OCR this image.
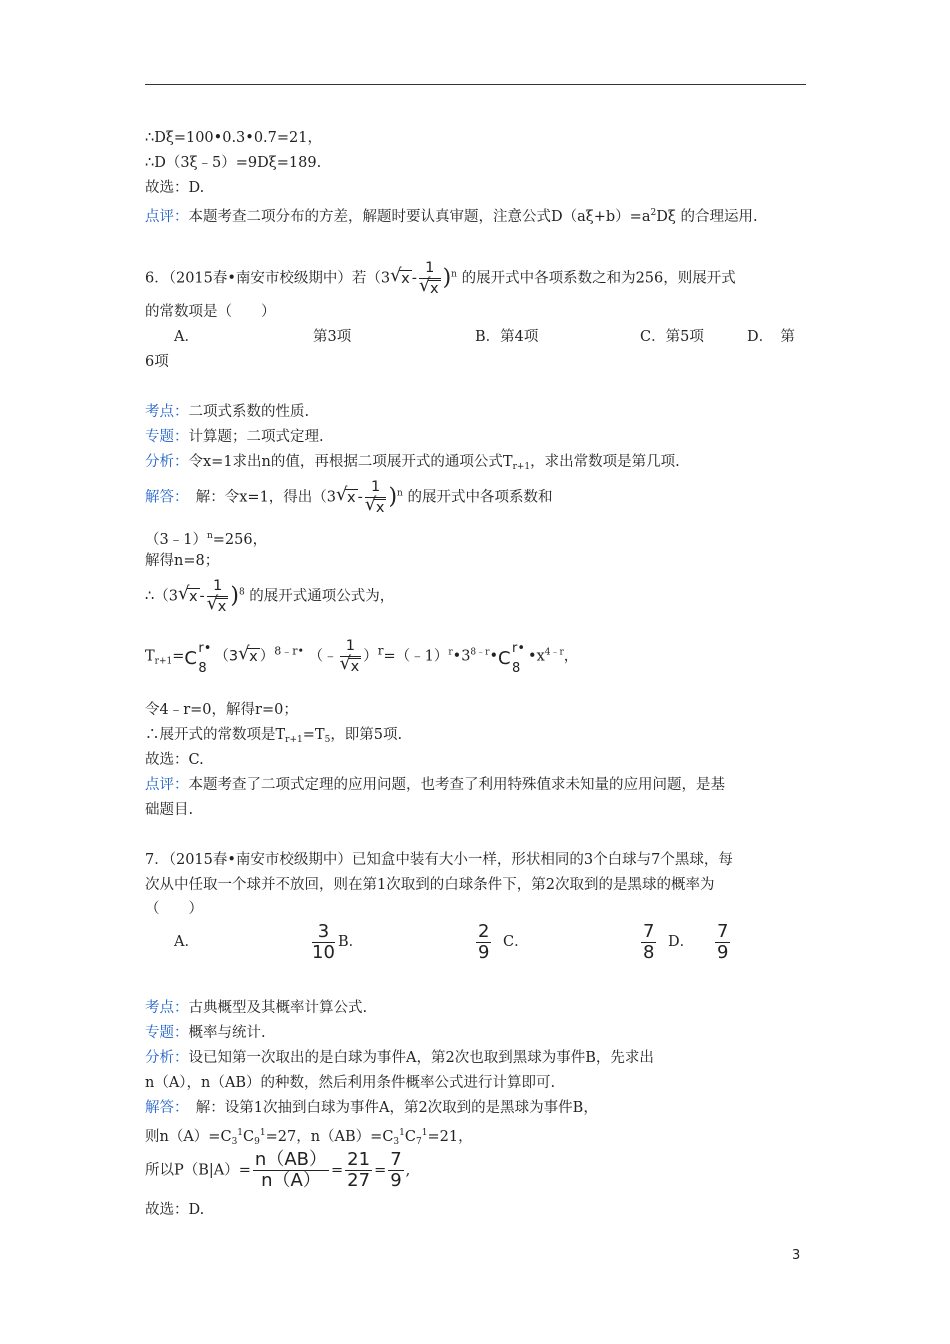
∴Dξ=100•0.3•0.7=21，
∴D（3ξ﹣5）=9Dξ=189.
故选：D.
点评：本题考查二项分布的方差，解题时要认真审题，注意公式$D(a\xi+b)=a^2D\xi$ 的合理运用.
6．（2015春•南安市校级期中）若（3 √ x - $\frac{1}{√ x} )^n$ 的展开式中各项系数之和为256，则展开式
的常数项是（　　）
A．	第3项	B．第4项	C．第5项	D．　第
6项
考点：二项式系数的性质.
专题：计算题；二项式定理.
分析：令x=1求出n的值，再根据二项展开式的通项公式$T_{r+1}$，求出常数项是第几项.
解答：　解：令x=1，得出（3 √ x - $\frac{1}{√ x} )^n$ 的展开式中各项系数和
（3﹣1）$^n$=256，
解得n=8；
∴（3 √ x - $\frac{1}{√ x} )^8$ 的展开式通项公式为，
$T_{r+1}= C$ r•
8
（3 √ x ）$^{8﹣r•}$ （﹣ $\frac{1}{√ x}$ ）$^r=(﹣1)^r•3^{8﹣r}•$ C r•
8
$•x^{4﹣r}$，
令4﹣r=0，解得r=0；
∴展开式的常数项是$T_{r+1}=T_5$，即第5项.
故选：C.
点评：本题考查了二项式定理的应用问题，也考查了利用特殊值求未知量的应用问题，是基
础题目.
7．（2015春•南安市校级期中）已知盒中装有大小一样，形状相同的3个白球与7个黑球，每
次从中任取一个球并不放回，则在第1次取到的白球条件下，第2次取到的是黑球的概率为
（　　）
A．	$\frac{3}{10}$ B．	$\frac{2}{9}$ C．	$\frac{7}{8}$ D． $\frac{7}{9}$
考点：古典概型及其概率计算公式.
专题：概率与统计.
分析：设已知第一次取出的是白球为事件A，第2次也取到黑球为事件B，先求出
n（A），n（AB）的种数，然后利用条件概率公式进行计算即可.
解答：　解：设第1次抽到白球为事件A，第2次取到的是黑球为事件B，
则$n(A)=C_3^1C_9^1=27$，$n(AB)=C_3^1C_7^1=21$，
所以$P(B|A)= \frac{n(AB)}{n(A)} = \frac{21}{27} = \frac{7}{9}$ ,
故选：D.
3
